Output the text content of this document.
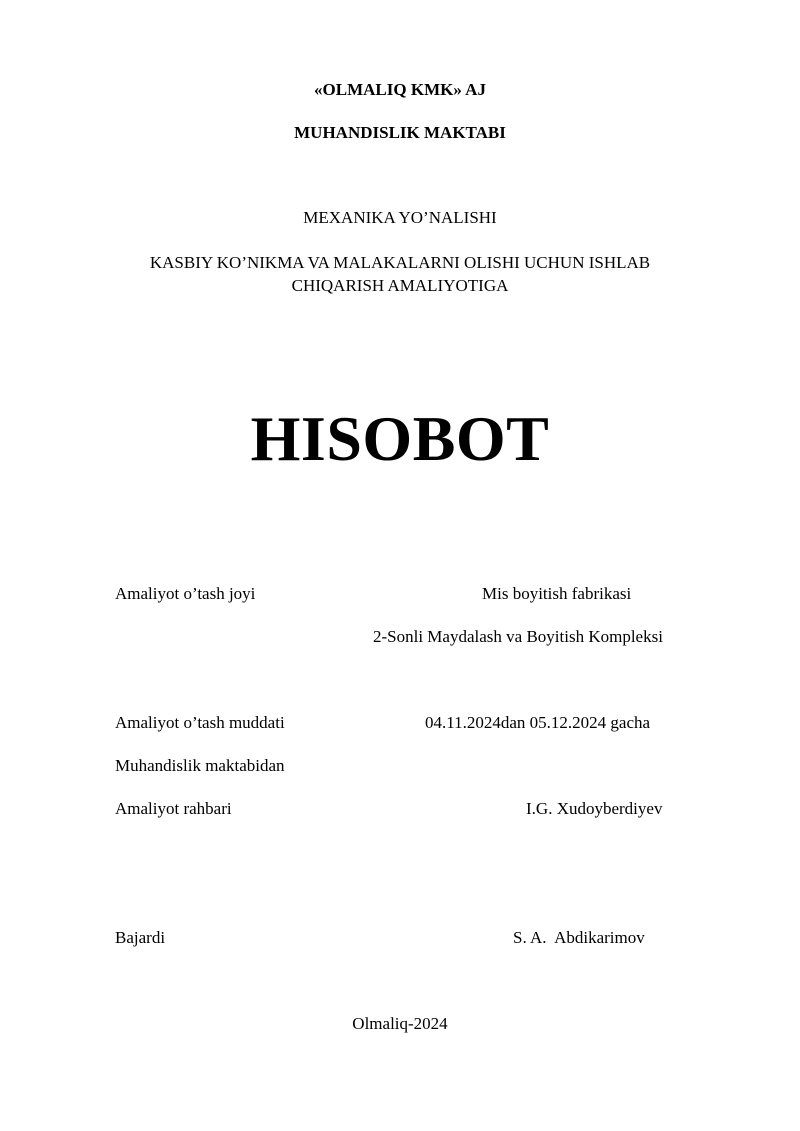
«OLMALIQ KMK» AJ
MUHANDISLIK MAKTABI
MEXANIKA YO’NALISHI
KASBIY KO’NIKMA VA MALAKALARNI OLISHI UCHUN ISHLAB
CHIQARISH AMALIYOTIGA
HISOBOT
Amaliyot o’tash joyi	Mis boyitish fabrikasi
2-Sonli Maydalash va Boyitish Kompleksi
Amaliyot o’tash muddati	04.11.2024dan 05.12.2024 gacha
Muhandislik maktabidan
Amaliyot rahbari	I.G. Xudoyberdiyev
Bajardi	S. A.  Abdikarimov
Olmaliq-2024
